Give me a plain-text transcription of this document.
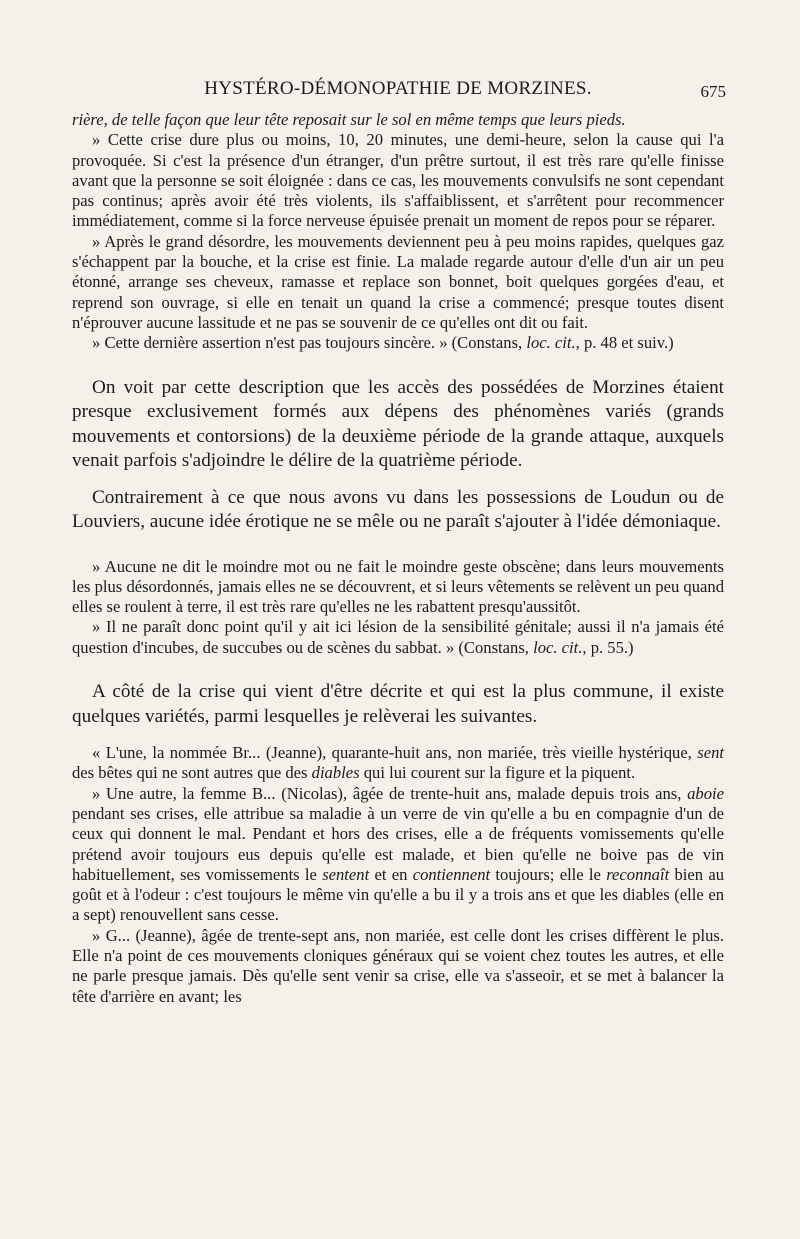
HYSTÉRO-DÉMONOPATHIE DE MORZINES.	675

rière, de telle façon que leur tête reposait sur le sol en même temps que leurs pieds.

» Cette crise dure plus ou moins, 10, 20 minutes, une demi-heure, selon la cause qui l'a provoquée. Si c'est la présence d'un étranger, d'un prêtre surtout, il est très rare qu'elle finisse avant que la personne se soit éloignée : dans ce cas, les mouvements convulsifs ne sont cependant pas continus; après avoir été très violents, ils s'affaiblissent, et s'arrêtent pour recommencer immédiatement, comme si la force nerveuse épuisée prenait un moment de repos pour se réparer.

» Après le grand désordre, les mouvements deviennent peu à peu moins rapides, quelques gaz s'échappent par la bouche, et la crise est finie. La malade regarde autour d'elle d'un air un peu étonné, arrange ses cheveux, ramasse et replace son bonnet, boit quelques gorgées d'eau, et reprend son ouvrage, si elle en tenait un quand la crise a commencé; presque toutes disent n'éprouver aucune lassitude et ne pas se souvenir de ce qu'elles ont dit ou fait.

» Cette dernière assertion n'est pas toujours sincère. » (Constans, loc. cit., p. 48 et suiv.)

On voit par cette description que les accès des possédées de Morzines étaient presque exclusivement formés aux dépens des phénomènes variés (grands mouvements et contorsions) de la deuxième période de la grande attaque, auxquels venait parfois s'adjoindre le délire de la quatrième période.

Contrairement à ce que nous avons vu dans les possessions de Loudun ou de Louviers, aucune idée érotique ne se mêle ou ne paraît s'ajouter à l'idée démoniaque.

» Aucune ne dit le moindre mot ou ne fait le moindre geste obscène; dans leurs mouvements les plus désordonnés, jamais elles ne se découvrent, et si leurs vêtements se relèvent un peu quand elles se roulent à terre, il est très rare qu'elles ne les rabattent presqu'aussitôt.

» Il ne paraît donc point qu'il y ait ici lésion de la sensibilité génitale; aussi il n'a jamais été question d'incubes, de succubes ou de scènes du sabbat. » (Constans, loc. cit., p. 55.)

A côté de la crise qui vient d'être décrite et qui est la plus commune, il existe quelques variétés, parmi lesquelles je relèverai les suivantes.

« L'une, la nommée Br... (Jeanne), quarante-huit ans, non mariée, très vieille hystérique, sent des bêtes qui ne sont autres que des diables qui lui courent sur la figure et la piquent.

» Une autre, la femme B... (Nicolas), âgée de trente-huit ans, malade depuis trois ans, aboie pendant ses crises, elle attribue sa maladie à un verre de vin qu'elle a bu en compagnie d'un de ceux qui donnent le mal. Pendant et hors des crises, elle a de fréquents vomissements qu'elle prétend avoir toujours eus depuis qu'elle est malade, et bien qu'elle ne boive pas de vin habituellement, ses vomissements le sentent et en contiennent toujours; elle le reconnaît bien au goût et à l'odeur : c'est toujours le même vin qu'elle a bu il y a trois ans et que les diables (elle en a sept) renouvellent sans cesse.

» G... (Jeanne), âgée de trente-sept ans, non mariée, est celle dont les crises diffèrent le plus. Elle n'a point de ces mouvements cloniques généraux qui se voient chez toutes les autres, et elle ne parle presque jamais. Dès qu'elle sent venir sa crise, elle va s'asseoir, et se met à balancer la tête d'arrière en avant; les
